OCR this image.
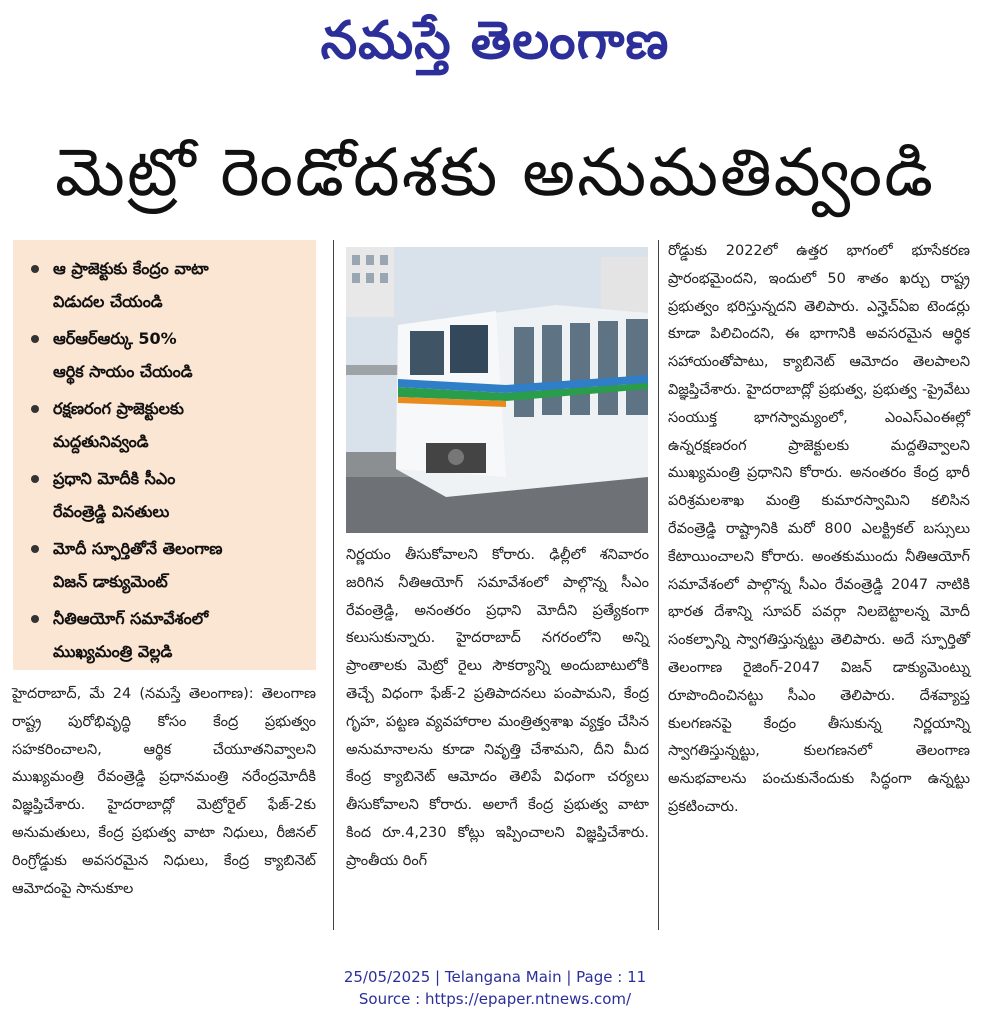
నమస్తే తెలంగాణ
మెట్రో రెండోదశకు అనుమతివ్వండి
ఆ ప్రాజెక్టుకు కేంద్రం వాటా
విడుదల చేయండి
ఆర్ఆర్ఆర్కు 50%
ఆర్థిక సాయం చేయండి
రక్షణరంగ ప్రాజెక్టులకు
మద్దతునివ్వండి
ప్రధాని మోదీకి సీఎం
రేవంత్రెడ్డి వినతులు
మోదీ స్ఫూర్తితోనే తెలంగాణ
విజన్ డాక్యుమెంట్
నీతిఆయోగ్ సమావేశంలో
ముఖ్యమంత్రి వెల్లడి

హైదరాబాద్, మే 24 (నమస్తే తెలంగాణ): తెలంగాణ రాష్ట్ర పురోభివృద్ధి కోసం కేంద్ర ప్రభుత్వం సహకరించాలని, ఆర్థిక చేయూతనివ్వాలని ముఖ్యమంత్రి రేవంత్రెడ్డి ప్రధానమంత్రి నరేంద్రమోదీకి విజ్ఞప్తిచేశారు. హైదరాబాద్లో మెట్రోరైల్ ఫేజ్-2కు అనుమతులు, కేంద్ర ప్రభుత్వ వాటా నిధులు, రీజినల్ రింగ్రోడ్డుకు అవసరమైన నిధులు, కేంద్ర క్యాబినెట్ ఆమోదంపై సానుకూల

నిర్ణయం తీసుకోవాలని కోరారు. ఢిల్లీలో శనివారం జరిగిన నీతిఆయోగ్ సమావేశంలో పాల్గొన్న సీఎం రేవంత్రెడ్డి, అనంతరం ప్రధాని మోదీని ప్రత్యేకంగా కలుసుకున్నారు. హైదరాబాద్ నగరంలోని అన్ని ప్రాంతాలకు మెట్రో రైలు సౌకర్యాన్ని అందుబాటులోకి తెచ్చే విధంగా ఫేజ్-2 ప్రతిపాదనలు పంపామని, కేంద్ర గృహ, పట్టణ వ్యవహారాల మంత్రిత్వశాఖ వ్యక్తం చేసిన అనుమానాలను కూడా నివృత్తి చేశామని, దీని మీద కేంద్ర క్యాబినెట్ ఆమోదం తెలిపే విధంగా చర్యలు తీసుకోవాలని కోరారు. అలాగే కేంద్ర ప్రభుత్వ వాటా కింద రూ.4,230 కోట్లు ఇప్పించాలని విజ్ఞప్తిచేశారు. ప్రాంతీయ రింగ్

రోడ్డుకు 2022లో ఉత్తర భాగంలో భూసేకరణ ప్రారంభమైందని, ఇందులో 50 శాతం ఖర్చు రాష్ట్ర ప్రభుత్వం భరిస్తున్నదని తెలిపారు. ఎన్హెచ్ఏఐ టెండర్లు కూడా పిలిచిందని, ఈ భాగానికి అవసరమైన ఆర్థిక సహాయంతోపాటు, క్యాబినెట్ ఆమోదం తెలపాలని విజ్ఞప్తిచేశారు. హైదరాబాద్లో ప్రభుత్వ, ప్రభుత్వ -ప్రైవేటు సంయుక్త భాగస్వామ్యంలో, ఎంఎస్ఎంఈల్లో ఉన్నరక్షణరంగ ప్రాజెక్టులకు మద్దతివ్వాలని ముఖ్యమంత్రి ప్రధానిని కోరారు. అనంతరం కేంద్ర భారీ పరిశ్రమలశాఖ మంత్రి కుమారస్వామిని కలిసిన రేవంత్రెడ్డి రాష్ట్రానికి మరో 800 ఎలక్ట్రికల్ బస్సులు కేటాయించాలని కోరారు. అంతకుముందు నీతిఆయోగ్ సమావేశంలో పాల్గొన్న సీఎం రేవంత్రెడ్డి 2047 నాటికి భారత దేశాన్ని సూపర్ పవర్గా నిలబెట్టాలన్న మోదీ సంకల్పాన్ని స్వాగతిస్తున్నట్టు తెలిపారు. అదే స్ఫూర్తితో తెలంగాణ రైజింగ్-2047 విజన్ డాక్యుమెంట్ను రూపొందించినట్టు సీఎం తెలిపారు. దేశవ్యాప్త కులగణనపై కేంద్రం తీసుకున్న నిర్ణయాన్ని స్వాగతిస్తున్నట్టు, కులగణనలో తెలంగాణ అనుభవాలను పంచుకునేందుకు సిద్ధంగా ఉన్నట్టు ప్రకటించారు.

25/05/2025 | Telangana Main | Page : 11
Source : https://epaper.ntnews.com/
